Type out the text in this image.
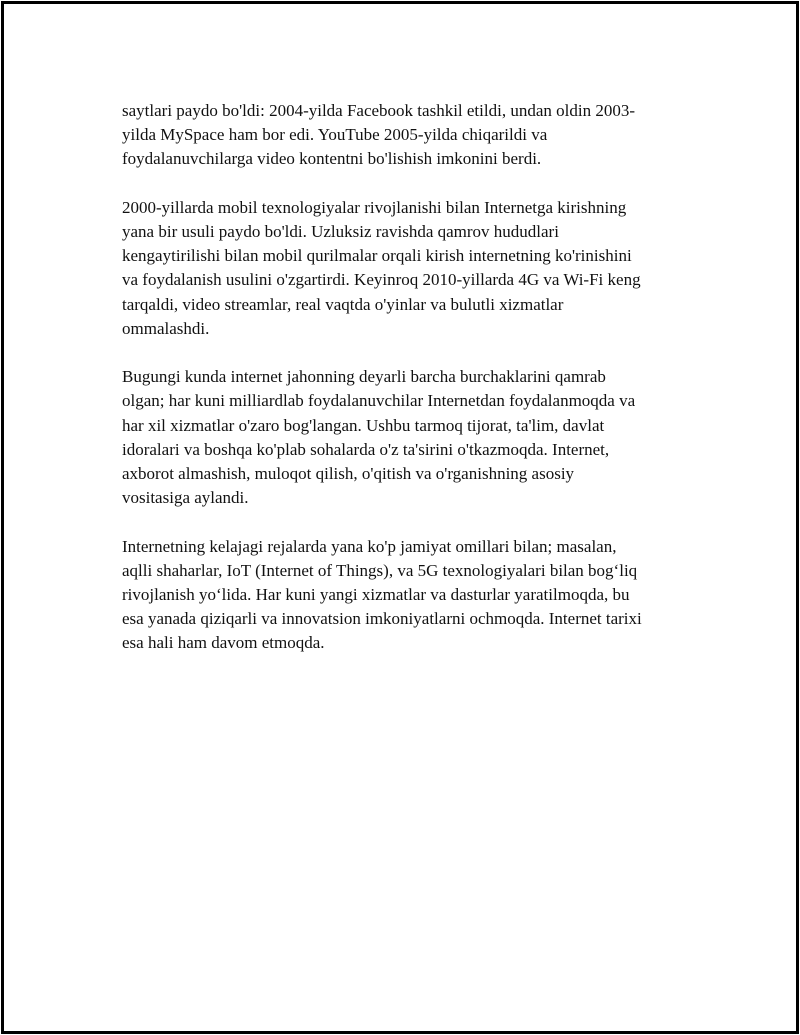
saytlari paydo bo'ldi: 2004-yilda Facebook tashkil etildi, undan oldin 2003-
yilda MySpace ham bor edi. YouTube 2005-yilda chiqarildi va
foydalanuvchilarga video kontentni bo'lishish imkonini berdi.

2000-yillarda mobil texnologiyalar rivojlanishi bilan Internetga kirishning
yana bir usuli paydo bo'ldi. Uzluksiz ravishda qamrov hududlari
kengaytirilishi bilan mobil qurilmalar orqali kirish internetning ko'rinishini
va foydalanish usulini o'zgartirdi. Keyinroq 2010-yillarda 4G va Wi-Fi keng
tarqaldi, video streamlar, real vaqtda o'yinlar va bulutli xizmatlar
ommalashdi.

Bugungi kunda internet jahonning deyarli barcha burchaklarini qamrab
olgan; har kuni milliardlab foydalanuvchilar Internetdan foydalanmoqda va
har xil xizmatlar o'zaro bog'langan. Ushbu tarmoq tijorat, ta'lim, davlat
idoralari va boshqa ko'plab sohalarda o'z ta'sirini o'tkazmoqda. Internet,
axborot almashish, muloqot qilish, o'qitish va o'rganishning asosiy
vositasiga aylandi.

Internetning kelajagi rejalarda yana ko'p jamiyat omillari bilan; masalan,
aqlli shaharlar, IoT (Internet of Things), va 5G texnologiyalari bilan bog‘liq
rivojlanish yo‘lida. Har kuni yangi xizmatlar va dasturlar yaratilmoqda, bu
esa yanada qiziqarli va innovatsion imkoniyatlarni ochmoqda. Internet tarixi
esa hali ham davom etmoqda.
